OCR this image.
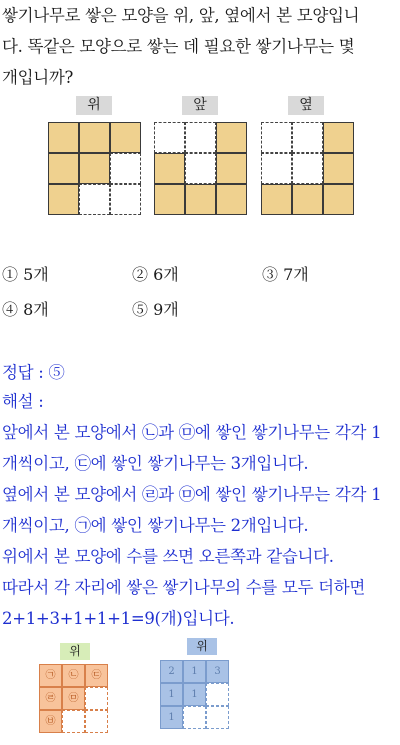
쌓기나무로 쌓은 모양을 위, 앞, 옆에서 본 모양입니
다. 똑같은 모양으로 쌓는 데 필요한 쌓기나무는 몇
개입니까?
위	앞	옆
① 5개	② 6개	③ 7개
④ 8개	⑤ 9개
정답 : ⑤
해설 :
앞에서 본 모양에서 ㉡과 ㉤에 쌓인 쌓기나무는 각각 1
개씩이고, ㉢에 쌓인 쌓기나무는 3개입니다.
옆에서 본 모양에서 ㉣과 ㉤에 쌓인 쌓기나무는 각각 1
개씩이고, ㉠에 쌓인 쌓기나무는 2개입니다.
위에서 본 모양에 수를 쓰면 오른쪽과 같습니다.
따라서 각 자리에 쌓은 쌓기나무의 수를 모두 더하면
2+1+3+1+1+1=9(개)입니다.
위	위
㉠	㉡	㉢
㉣	㉤
㉥
2	1	3
1	1
1
